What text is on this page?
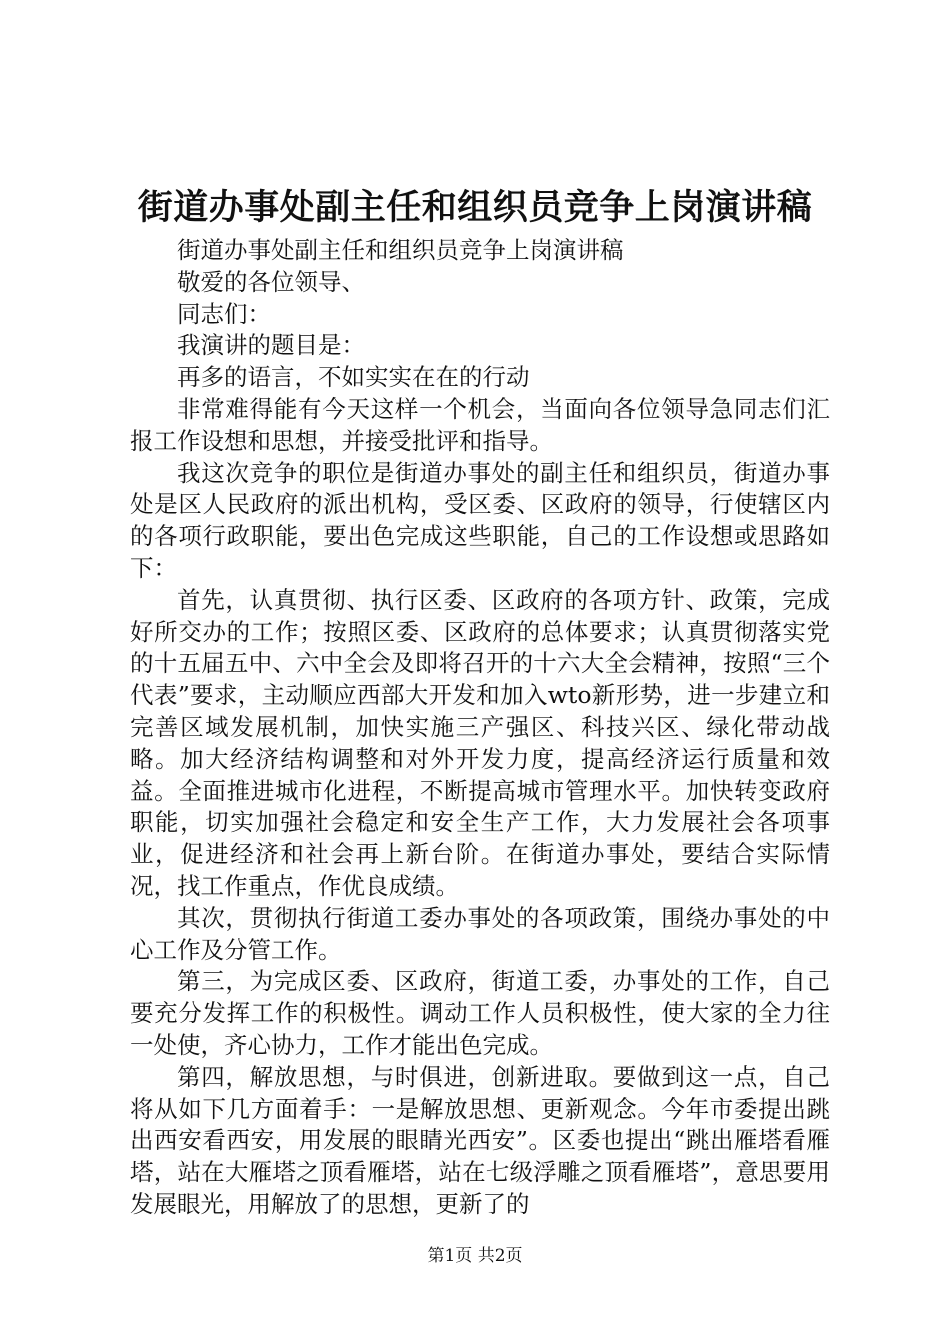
街道办事处副主任和组织员竞争上岗演讲稿

街道办事处副主任和组织员竞争上岗演讲稿

敬爱的各位领导、

同志们：

我演讲的题目是：

再多的语言，不如实实在在的行动

非常难得能有今天这样一个机会，当面向各位领导急同志们汇报工作设想和思想，并接受批评和指导。

我这次竞争的职位是街道办事处的副主任和组织员，街道办事处是区人民政府的派出机构，受区委、区政府的领导，行使辖区内的各项行政职能，要出色完成这些职能，自己的工作设想或思路如下：

首先，认真贯彻、执行区委、区政府的各项方针、政策，完成好所交办的工作；按照区委、区政府的总体要求；认真贯彻落实党的十五届五中、六中全会及即将召开的十六大全会精神，按照“三个代表”要求，主动顺应西部大开发和加入wto新形势，进一步建立和完善区域发展机制，加快实施三产强区、科技兴区、绿化带动战略。加大经济结构调整和对外开发力度，提高经济运行质量和效益。全面推进城市化进程，不断提高城市管理水平。加快转变政府职能，切实加强社会稳定和安全生产工作，大力发展社会各项事业，促进经济和社会再上新台阶。在街道办事处，要结合实际情况，找工作重点，作优良成绩。

其次，贯彻执行街道工委办事处的各项政策，围绕办事处的中心工作及分管工作。

第三，为完成区委、区政府，街道工委，办事处的工作，自己要充分发挥工作的积极性。调动工作人员积极性，使大家的全力往一处使，齐心协力，工作才能出色完成。

第四，解放思想，与时俱进，创新进取。要做到这一点，自己将从如下几方面着手：一是解放思想、更新观念。今年市委提出跳出西安看西安，用发展的眼睛光西安”。区委也提出“跳出雁塔看雁塔，站在大雁塔之顶看雁塔，站在七级浮雕之顶看雁塔”，意思要用发展眼光，用解放了的思想，更新了的

第1页 共2页
